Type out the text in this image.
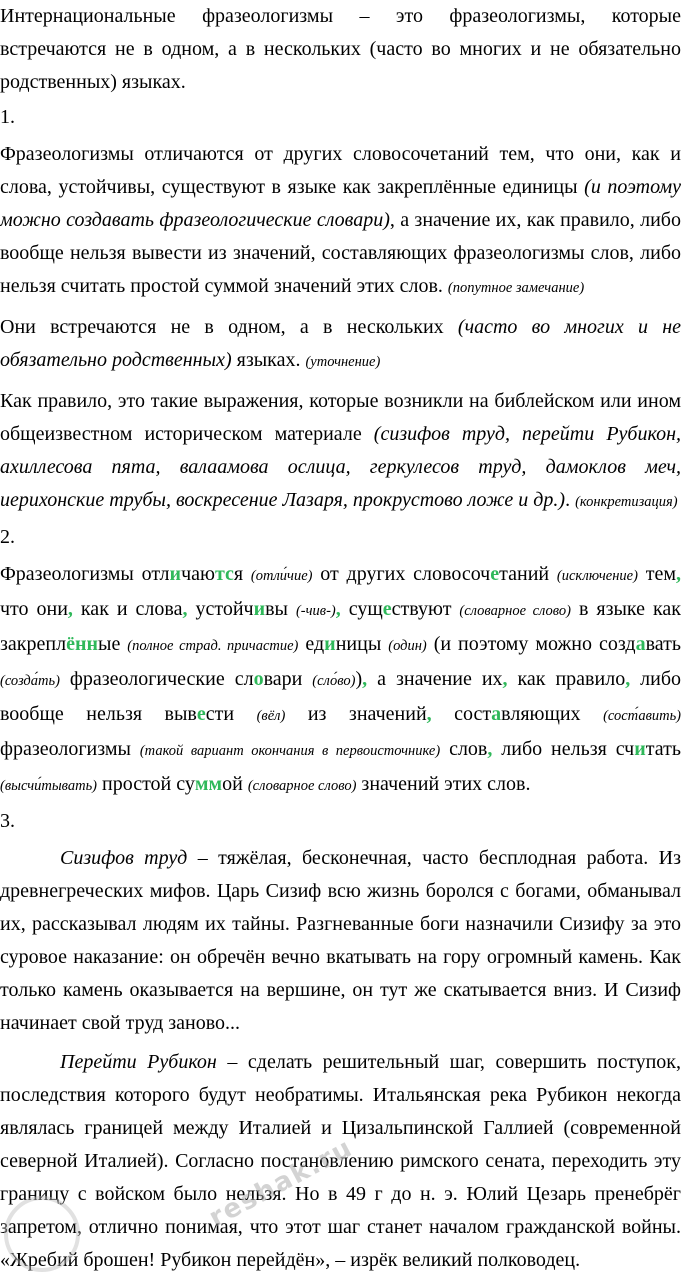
Интернациональные фразеологизмы – это фразеологизмы, которые встречаются не в одном, а в нескольких (часто во многих и не обязательно родственных) языках.

1.

Фразеологизмы отличаются от других словосочетаний тем, что они, как и слова, устойчивы, существуют в языке как закреплённые единицы (и поэтому можно создавать фразеологические словари), а значение их, как правило, либо вообще нельзя вывести из значений, составляющих фразеологизмы слов, либо нельзя считать простой суммой значений этих слов. (попутное замечание)

Они встречаются не в одном, а в нескольких (часто во многих и не обязательно родственных) языках. (уточнение)

Как правило, это такие выражения, которые возникли на библейском или ином общеизвестном историческом материале (сизифов труд, перейти Рубикон, ахиллесова пята, валаамова ослица, геркулесов труд, дамоклов меч, иерихонские трубы, воскресение Лазаря, прокрустово ложе и др.). (конкретизация)

2.

Фразеологизмы отличаются (отли́чие) от других словосочетаний (исключение) тем, что они, как и слова, устойчивы (-чив-), существуют (словарное слово) в языке как закреплённые (полное страд. причастие) единицы (один) (и поэтому можно создавать (созда́ть) фразеологические словари (сло́во)), а значение их, как правило, либо вообще нельзя вывести (вёл) из значений, составляющих (сост́авить) фразеологизмы (такой вариант окончания в первоисточнике) слов, либо нельзя считать (высчи́тывать) простой суммой (словарное слово) значений этих слов.

3.

Сизифов труд – тяжёлая, бесконечная, часто бесплодная работа. Из древнегреческих мифов. Царь Сизиф всю жизнь боролся с богами, обманывал их, рассказывал людям их тайны. Разгневанные боги назначили Сизифу за это суровое наказание: он обречён вечно вкатывать на гору огромный камень. Как только камень оказывается на вершине, он тут же скатывается вниз. И Сизиф начинает свой труд заново...

Перейти Рубикон – сделать решительный шаг, совершить поступок, последствия которого будут необратимы. Итальянская река Рубикон некогда являлась границей между Италией и Цизальпинской Галлией (современной северной Италией). Согласно постановлению римского сената, переходить эту границу с войском было нельзя. Но в 49 г до н. э. Юлий Цезарь пренебрёг запретом, отлично понимая, что этот шаг станет началом гражданской войны. «Жребий брошен! Рубикон перейдён», – изрёк великий полководец.

reshak.ru
